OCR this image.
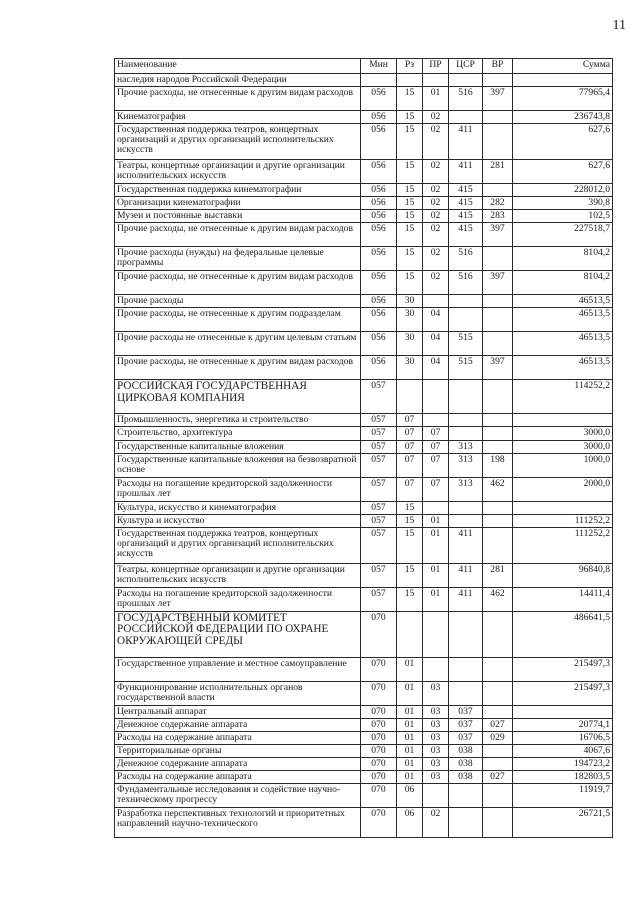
11
Наименование	Мин	Рз	ПР	ЦСР	ВР	Сумма
наследия народов Российской Федерации						
Прочие расходы, не отнесенные к другим видам расходов	056	15	01	516	397	77965,4
Кинематография	056	15	02			236743,8
Государственная поддержка театров, концертных организаций и других организаций исполнительских искусств	056	15	02	411		627,6
Театры, концертные организации и другие организации исполнительских искусств	056	15	02	411	281	627,6
Государственная поддержка кинематографии	056	15	02	415		228012,0
Организации кинематографии	056	15	02	415	282	390,8
Музеи и постоянные выставки	056	15	02	415	283	102,5
Прочие расходы, не отнесенные к другим видам расходов	056	15	02	415	397	227518,7
Прочие расходы (нужды) на федеральные целевые программы	056	15	02	516		8104,2
Прочие расходы, не отнесенные к другим видам расходов	056	15	02	516	397	8104,2
Прочие расходы	056	30				46513,5
Прочие расходы, не отнесенные к другим подразделам	056	30	04			46513,5
Прочие расходы не отнесенные к другим целевым статьям	056	30	04	515		46513,5
Прочие расходы, не отнесенные к другим видам расходов	056	30	04	515	397	46513,5
РОССИЙСКАЯ ГОСУДАРСТВЕННАЯ ЦИРКОВАЯ КОМПАНИЯ	057					114252,2
Промышленность, энергетика и строительство	057	07				
Строительство, архитектура	057	07	07			3000,0
Государственные капитальные вложения	057	07	07	313		3000,0
Государственные капитальные вложения на безвозвратной основе	057	07	07	313	198	1000,0
Расходы на погашение кредиторской задолженности прошлых лет	057	07	07	313	462	2000,0
Культура, искусство и кинематография	057	15				
Культура и искусство	057	15	01			111252,2
Государственная поддержка театров, концертных организаций и других организаций исполнительских искусств	057	15	01	411		111252,2
Театры, концертные организации и другие организации исполнительских искусств	057	15	01	411	281	96840,8
Расходы на погашение кредиторской задолженности прошлых лет	057	15	01	411	462	14411,4
ГОСУДАРСТВЕННЫЙ КОМИТЕТ РОССИЙСКОЙ ФЕДЕРАЦИИ ПО ОХРАНЕ ОКРУЖАЮЩЕЙ СРЕДЫ	070					486641,5
Государственное управление и местное самоуправление	070	01				215497,3
Функционирование исполнительных органов государственной власти	070	01	03			215497,3
Центральный аппарат	070	01	03	037		
Денежное содержание аппарата	070	01	03	037	027	20774,1
Расходы на содержание аппарата	070	01	03	037	029	16706,5
Территориальные органы	070	01	03	038		4067,6
Денежное содержание аппарата	070	01	03	038		194723,2
Расходы на содержание аппарата	070	01	03	038	027	182803,5
Фундаментальные исследования и содействие научно-техническому прогрессу	070	06				11919,7
Разработка перспективных технологий и приоритетных направлений научно-технического	070	06	02			26721,5
